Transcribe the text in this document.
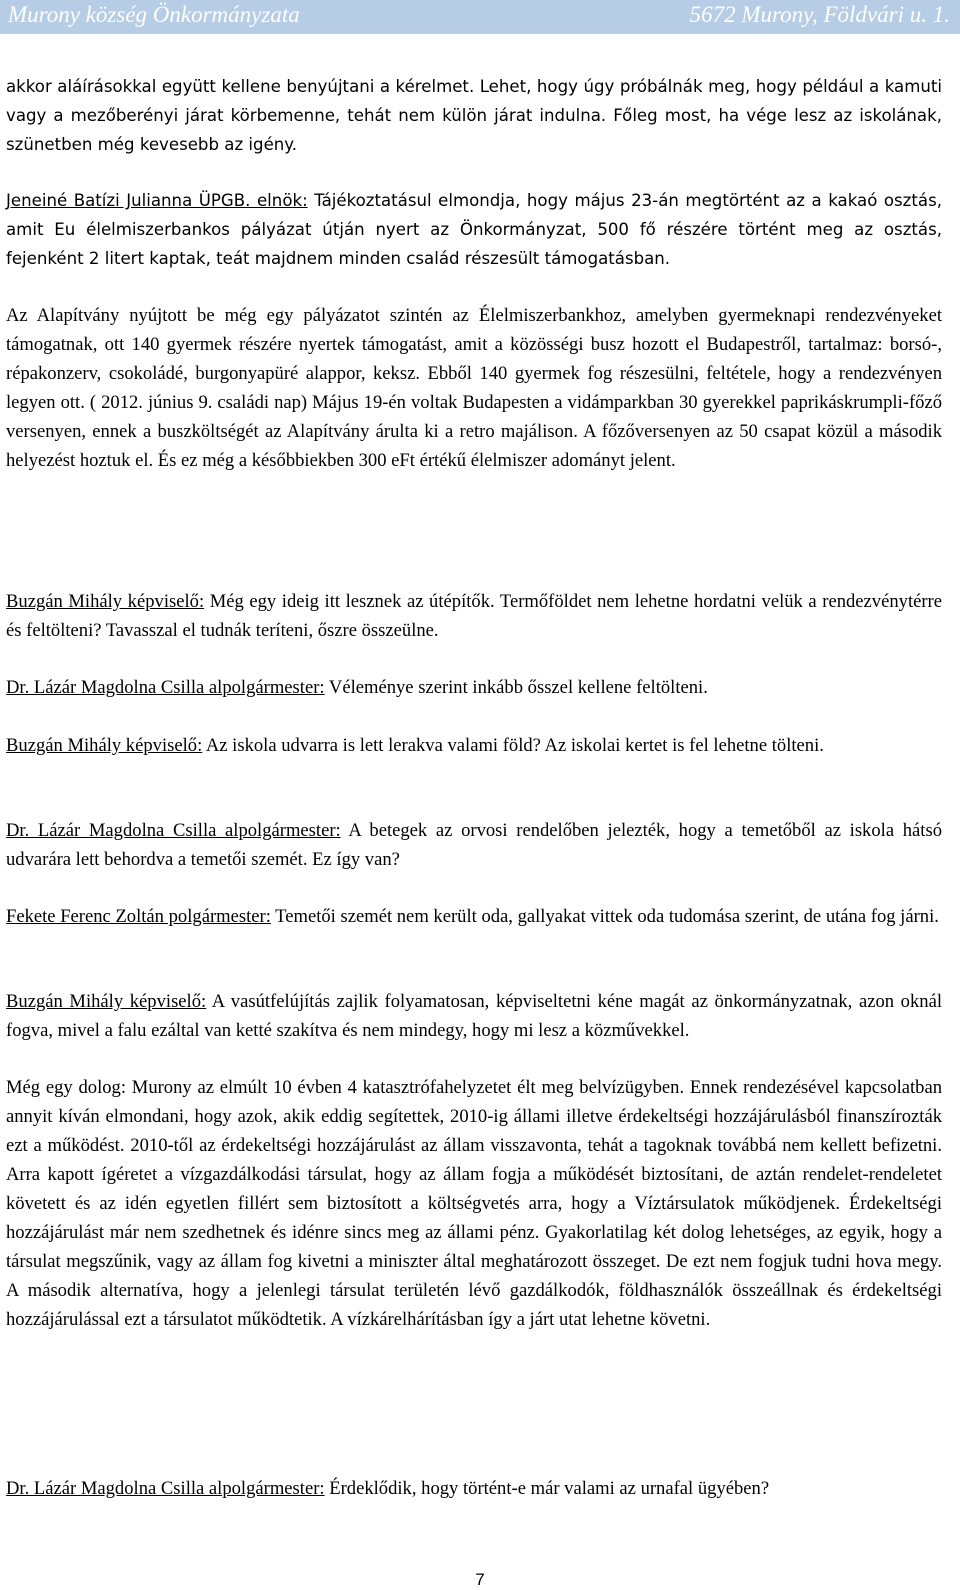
Murony község Önkormányzata	5672 Murony, Földvári u. 1.

akkor aláírásokkal együtt kellene benyújtani a kérelmet. Lehet, hogy úgy próbálnák meg, hogy például a kamuti vagy a mezőberényi járat körbemenne, tehát nem külön járat indulna. Főleg most, ha vége lesz az iskolának, szünetben még kevesebb az igény.

Jeneiné Batízi Julianna ÜPGB. elnök: Tájékoztatásul elmondja, hogy május 23-án megtörtént az a kakaó osztás, amit Eu élelmiszerbankos pályázat útján nyert az Önkormányzat, 500 fő részére történt meg az osztás, fejenként 2 litert kaptak, teát majdnem minden család részesült támogatásban.

Az Alapítvány nyújtott be még egy pályázatot szintén az Élelmiszerbankhoz, amelyben gyermeknapi rendezvényeket támogatnak, ott 140 gyermek részére nyertek támogatást, amit a közösségi busz hozott el Budapestről, tartalmaz: borsó-, répakonzerv, csokoládé, burgonyapüré alappor, keksz. Ebből 140 gyermek fog részesülni, feltétele, hogy a rendezvényen legyen ott. ( 2012. június 9. családi nap) Május 19-én voltak Budapesten a vidámparkban 30 gyerekkel paprikáskrumpli-főző versenyen, ennek a buszköltségét az Alapítvány árulta ki a retro majálison. A főzőversenyen az 50 csapat közül a második helyezést hoztuk el. És ez még a későbbiekben 300 eFt értékű élelmiszer adományt jelent.

Buzgán Mihály képviselő: Még egy ideig itt lesznek az útépítők. Termőföldet nem lehetne hordatni velük a rendezvénytérre és feltölteni? Tavasszal el tudnák teríteni, őszre összeülne.

Dr. Lázár Magdolna Csilla alpolgármester: Véleménye szerint inkább ősszel kellene feltölteni.

Buzgán Mihály képviselő: Az iskola udvarra is lett lerakva valami föld? Az iskolai kertet is fel lehetne tölteni.

Dr. Lázár Magdolna Csilla alpolgármester: A betegek az orvosi rendelőben jelezték, hogy a temetőből az iskola hátsó udvarára lett behordva a temetői szemét. Ez így van?

Fekete Ferenc Zoltán polgármester: Temetői szemét nem került oda, gallyakat vittek oda tudomása szerint, de utána fog járni.

Buzgán Mihály képviselő: A vasútfelújítás zajlik folyamatosan, képviseltetni kéne magát az önkormányzatnak, azon oknál fogva, mivel a falu ezáltal van ketté szakítva és nem mindegy, hogy mi lesz a közművekkel.

Még egy dolog: Murony az elmúlt 10 évben 4 katasztrófahelyzetet élt meg belvízügyben. Ennek rendezésével kapcsolatban annyit kíván elmondani, hogy azok, akik eddig segítettek, 2010-ig állami illetve érdekeltségi hozzájárulásból finanszírozták ezt a működést. 2010-től az érdekeltségi hozzájárulást az állam visszavonta, tehát a tagoknak továbbá nem kellett befizetni. Arra kapott ígéretet a vízgazdálkodási társulat, hogy az állam fogja a működését biztosítani, de aztán rendelet-rendeletet követett és az idén egyetlen fillért sem biztosított a költségvetés arra, hogy a Víztársulatok működjenek. Érdekeltségi hozzájárulást már nem szedhetnek és idénre sincs meg az állami pénz. Gyakorlatilag két dolog lehetséges, az egyik, hogy a társulat megszűnik, vagy az állam fog kivetni a miniszter által meghatározott összeget. De ezt nem fogjuk tudni hova megy. A második alternatíva, hogy a jelenlegi társulat területén lévő gazdálkodók, földhasználók összeállnak és érdekeltségi hozzájárulással ezt a társulatot működtetik. A vízkárelhárításban így a járt utat lehetne követni.

Dr. Lázár Magdolna Csilla alpolgármester: Érdeklődik, hogy történt-e már valami az urnafal ügyében?

7
